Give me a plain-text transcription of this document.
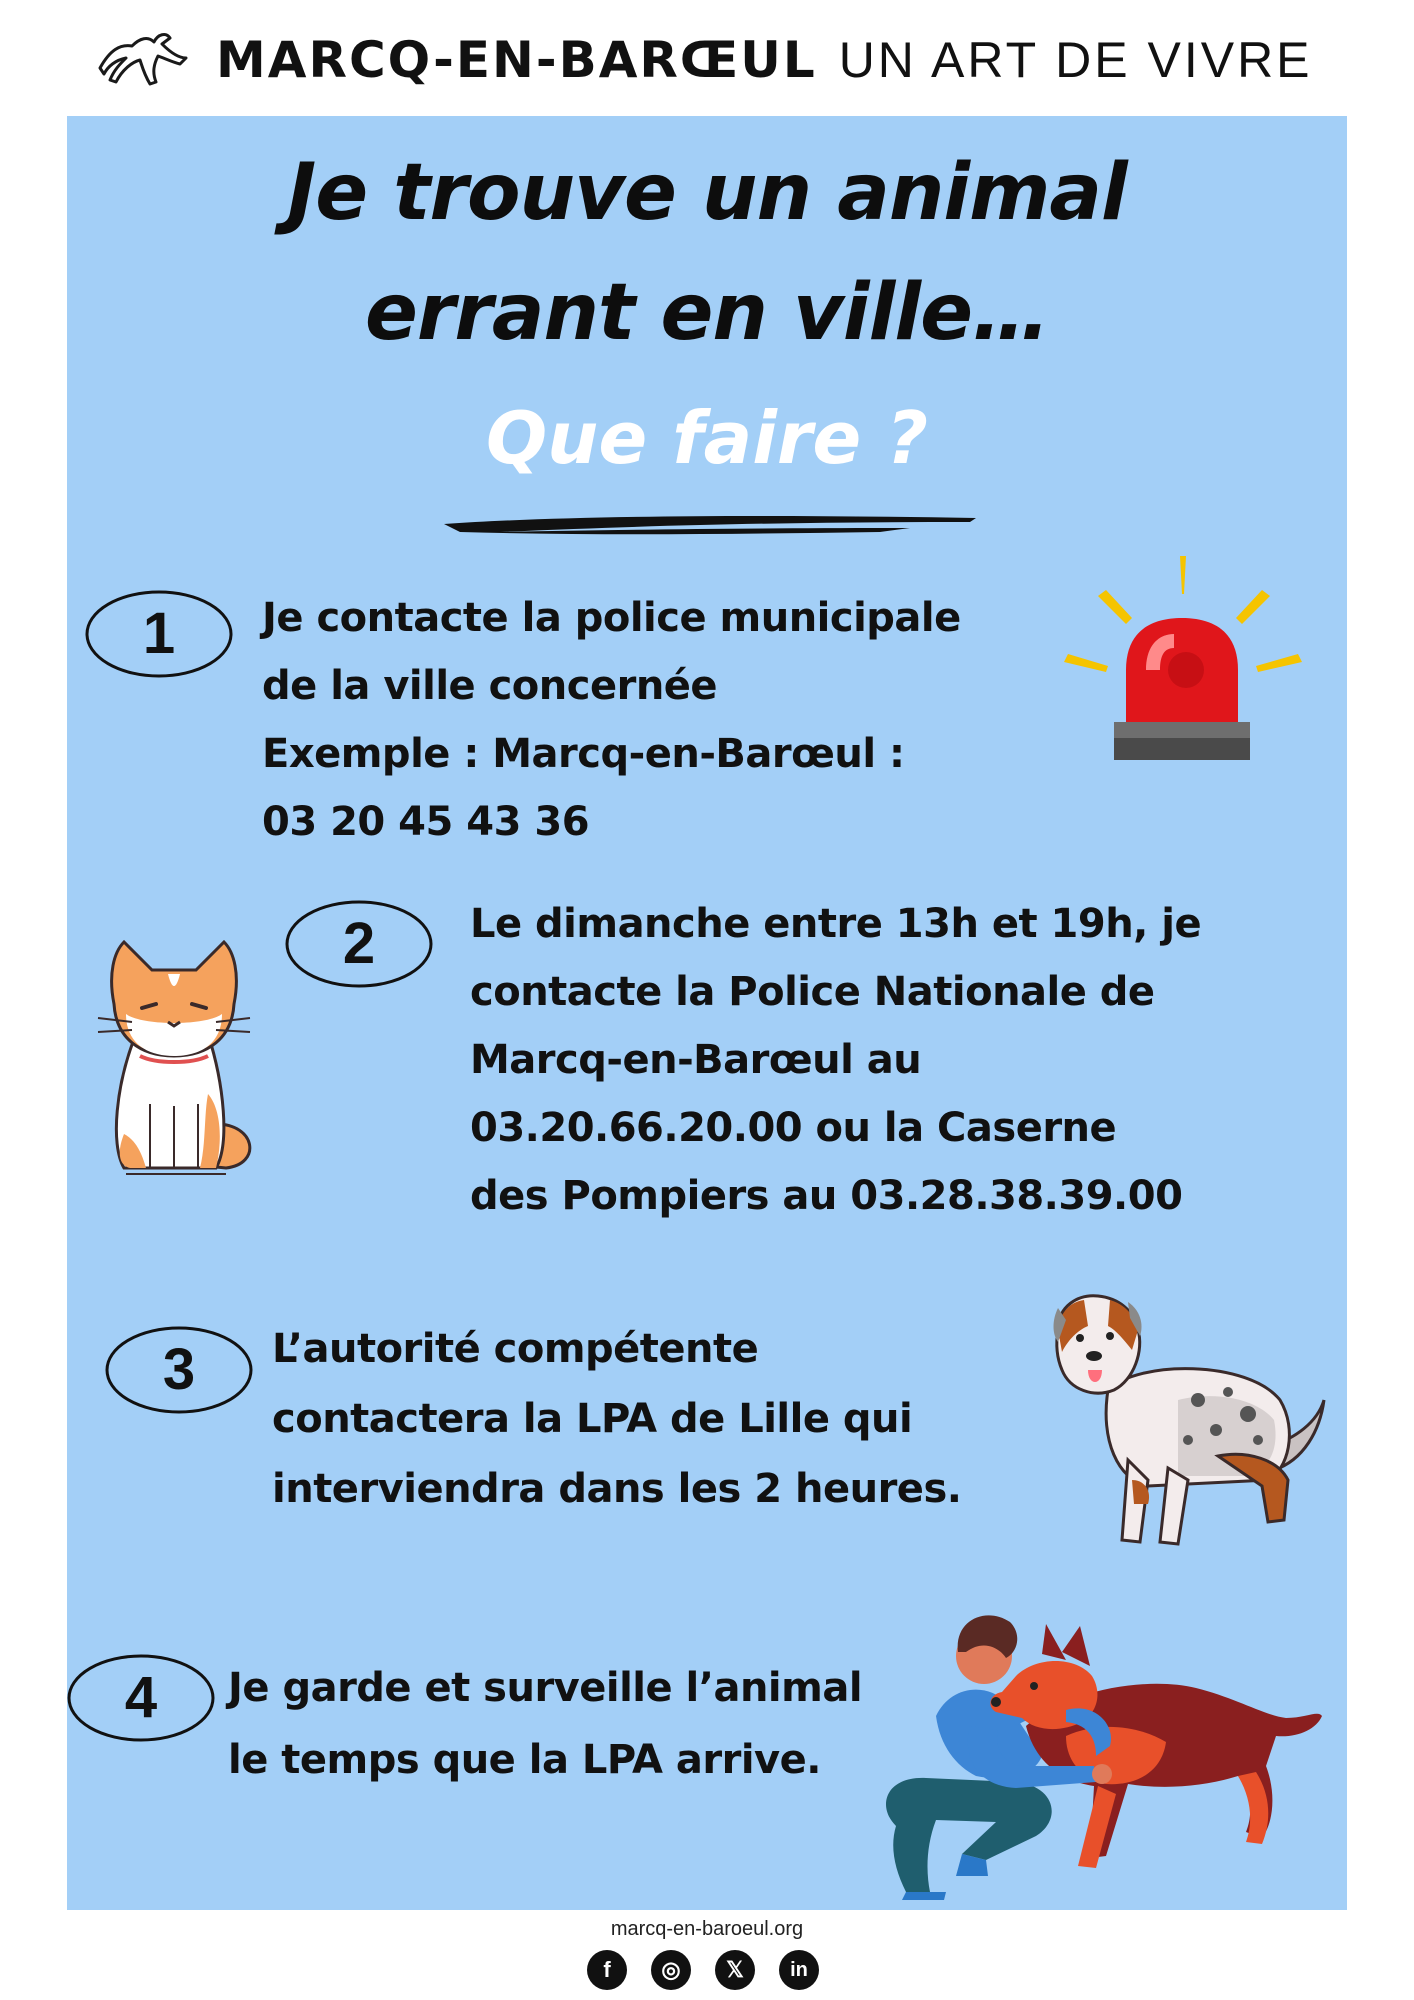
MARCQ-EN-BARŒUL UN ART DE VIVRE
Je trouve un animal
errant en ville…
Que faire ?
1	Je contacte la police municipale

de la ville concernée

Exemple : Marcq-en-Barœul :

03 20 45 43 36

2	Le dimanche entre 13h et 19h, je

contacte la Police Nationale de

Marcq-en-Barœul au

03.20.66.20.00 ou la Caserne

des Pompiers au 03.28.38.39.00

3	L’autorité compétente

contactera la LPA de Lille qui

interviendra dans les 2 heures.

4	Je garde et surveille l’animal

le temps que la LPA arrive.

marcq-en-baroeul.org
f	◎	𝕏	in
